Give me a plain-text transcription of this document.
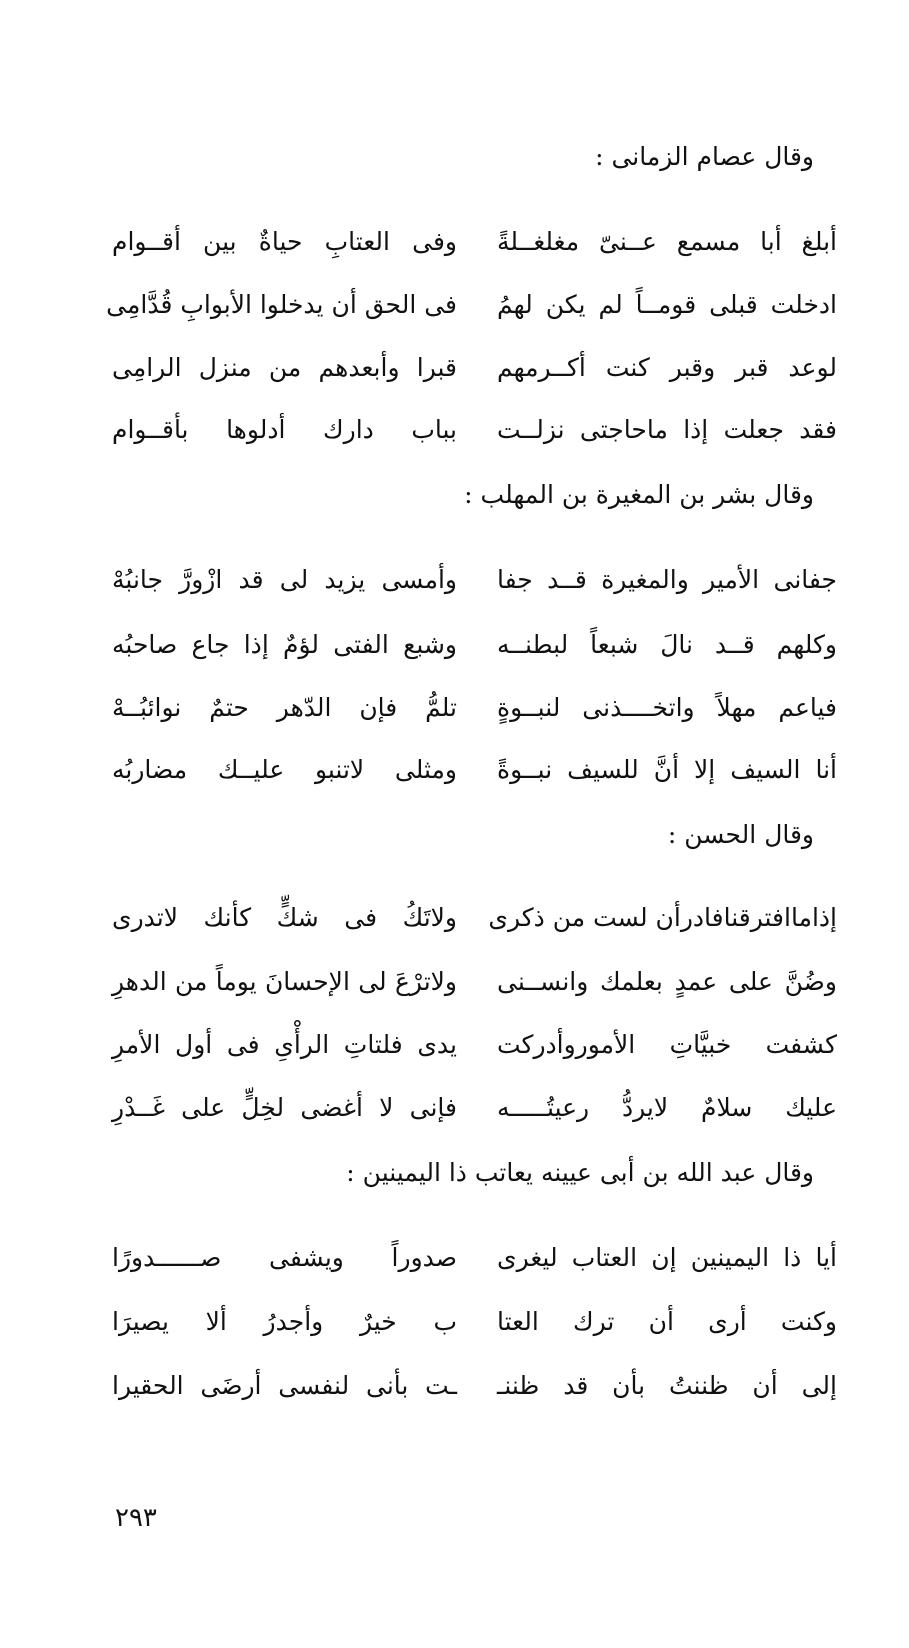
وقال عصام الزمانى :
أبلغ أبا مسمع عــنىّ مغلغــلةً
وفى العتابِ حياةٌ بين أقــوام
ادخلت قبلى قومــاً لم يكن لهمُ
فى الحق أن يدخلوا الأبوابِ قُدَّامِى
لوعد قبر وقبر كنت أكــرمهم
قبرا وأبعدهم من منزل الرامِى
فقد جعلت إذا ماحاجتى نزلــت
بباب دارك أدلوها بأقــوام
وقال بشر بن المغيرة بن المهلب :
جفانى الأمير والمغيرة قــد جفا
وأمسى يزيد لى قد ازْورَّ جانبُهْ
وكلهم قــد نالَ شبعاً لبطنــه
وشبع الفتى لؤمٌ إذا جاع صاحبُه
فياعم مهلاً واتخــــذنى لنبــوةٍ
تلمُّ فإن الدّهر حتمٌ نوائبُــهْ
أنا السيف إلا أنَّ للسيف نبــوةً
ومثلى لاتنبو عليــك مضاربُه
وقال الحسن :
إذاماافترقنافادرأن لست من ذكرى
ولاتَكُ فى شكٍّ كأنك لاتدرى
وضُنَّ على عمدٍ بعلمك وانســنى
ولاترْعَ لى الإحسانَ يوماً من الدهرِ
كشفت خبيَّاتِ الأموروأدركت
يدى فلتاتِ الرأْىِ فى أول الأمرِ
عليك سلامٌ لايردُّ رعيتُـــــه
فإنى لا أغضى لخِلٍّ على غَــدْرِ
وقال عبد الله بن أبى عيينه يعاتب ذا اليمينين :
أيا ذا اليمينين إن العتاب ليغرى
صدوراً ويشفى صــــــدورًا
وكنت أرى أن ترك العتا
ب خيرٌ وأجدرُ ألا يصيرَا
إلى أن ظننتُ بأن قد ظننـ
ـت بأنى لنفسى أرضَى الحقيرا
٢٩٣
